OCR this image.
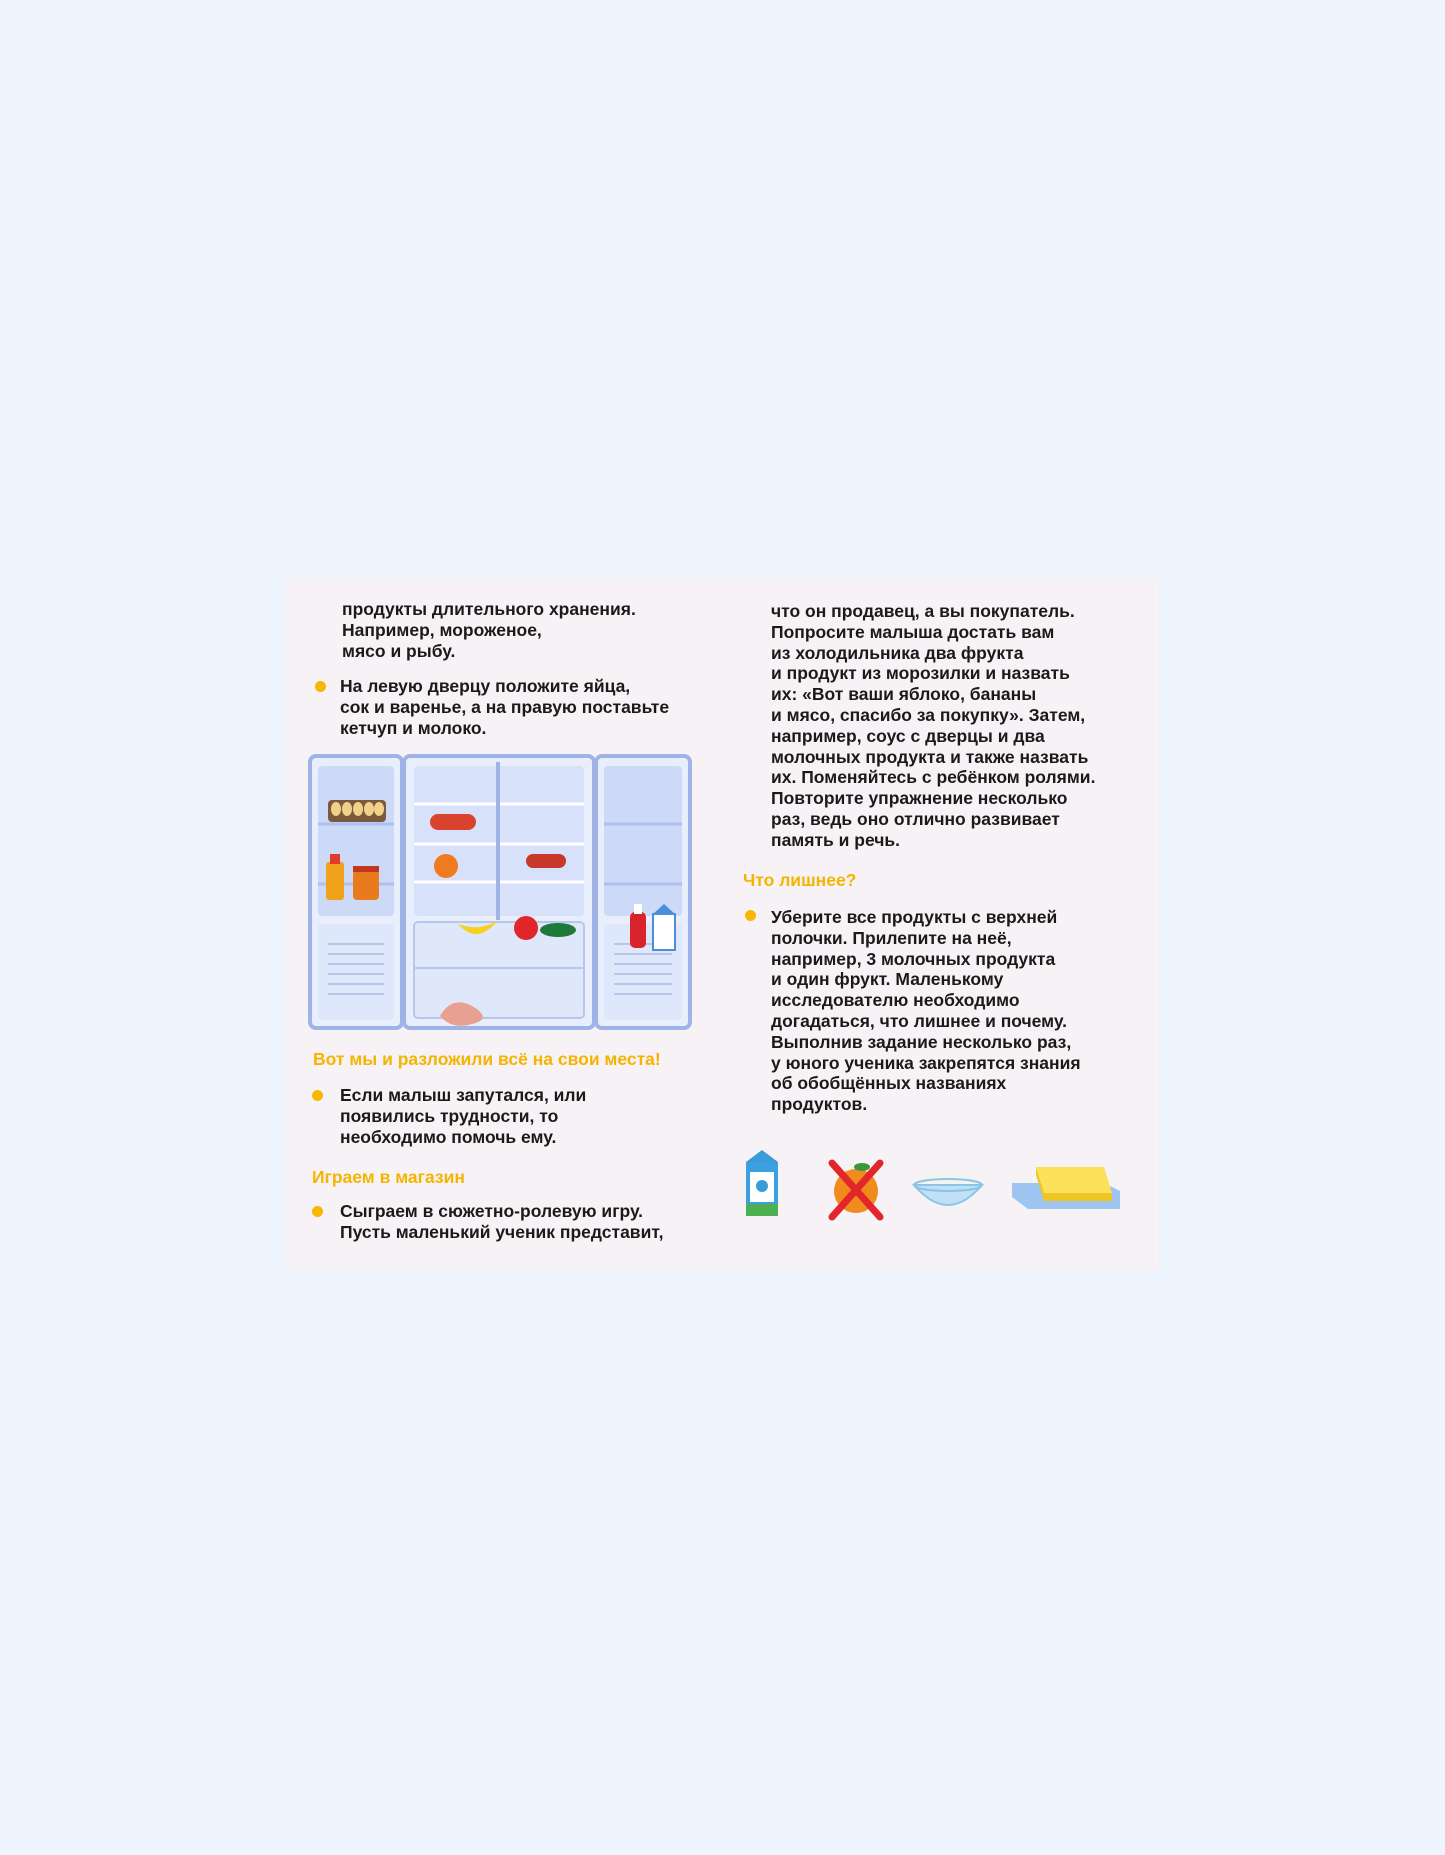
продукты длительного хранения.
Например, мороженое,
мясо и рыбу.
На левую дверцу положите яйца,
сок и варенье, а на правую поставьте
кетчуп и молоко.
Вот мы и разложили всё на свои места!
Если малыш запутался, или
появились трудности, то
необходимо помочь ему.
Играем в магазин
Сыграем в сюжетно-ролевую игру.
Пусть маленький ученик представит,
что он продавец, а вы покупатель.
Попросите малыша достать вам
из холодильника два фрукта
и продукт из морозилки и назвать
их: «Вот ваши яблоко, бананы
и мясо, спасибо за покупку». Затем,
например, соус с дверцы и два
молочных продукта и также назвать
их. Поменяйтесь с ребёнком ролями.
Повторите упражнение несколько
раз, ведь оно отлично развивает
память и речь.
Что лишнее?
Уберите все продукты с верхней
полочки. Прилепите на неё,
например, 3 молочных продукта
и один фрукт. Маленькому
исследователю необходимо
догадаться, что лишнее и почему.
Выполнив задание несколько раз,
у юного ученика закрепятся знания
об обобщённых названиях
продуктов.
